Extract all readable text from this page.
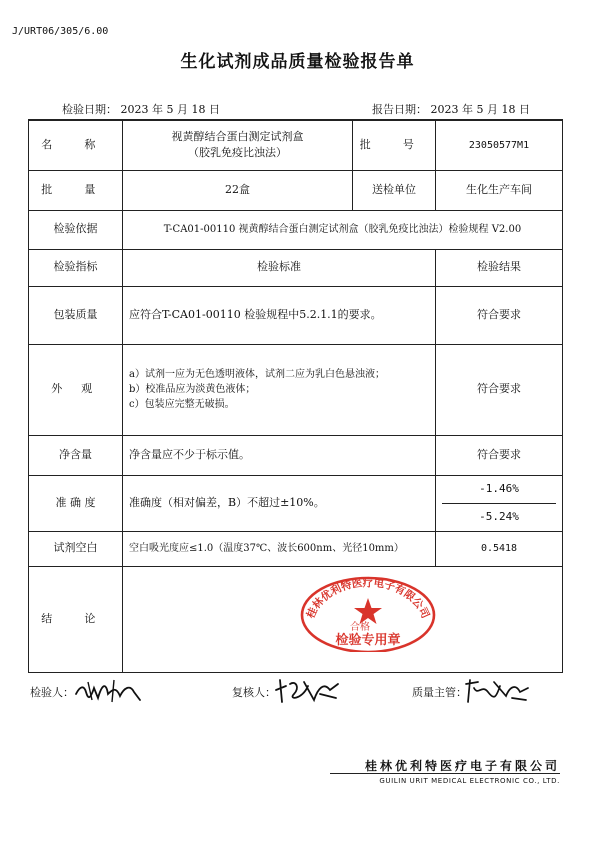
J/URT06/305/6.00
生化试剂成品质量检验报告单
检验日期： 2023 年 5 月 18 日	报告日期： 2023 年 5 月 18 日
名 称	视黄醇结合蛋白测定试剂盒
（胶乳免疫比浊法）	批 号	23050577M1
批 量	22盒	送检单位	生化生产车间
检验依据	T-CA01-00110 视黄醇结合蛋白测定试剂盒（胶乳免疫比浊法）检验规程 V2.00		
检验指标	检验标准		检验结果
包装质量	应符合T-CA01-00110 检验规程中5.2.1.1的要求。		符合要求
外 观	a）试剂一应为无色透明液体，试剂二应为乳白色悬浊液；
b）校准品应为淡黄色液体；
c）包装应完整无破损。		符合要求
净含量	净含量应不少于标示值。		符合要求
准 确 度	准确度（相对偏差，B）不超过±10%。		-1.46%
-5.24%

试剂空白	空白吸光度应≤1.0（温度37℃、波长600nm、光径10mm）		0.5418
结 论				桂林优利特医疗电子有限公司
合格
检验专用章
检验人：	复核人：	质量主管：
桂林优利特医疗电子有限公司
GUILIN URIT MEDICAL ELECTRONIC CO., LTD.
